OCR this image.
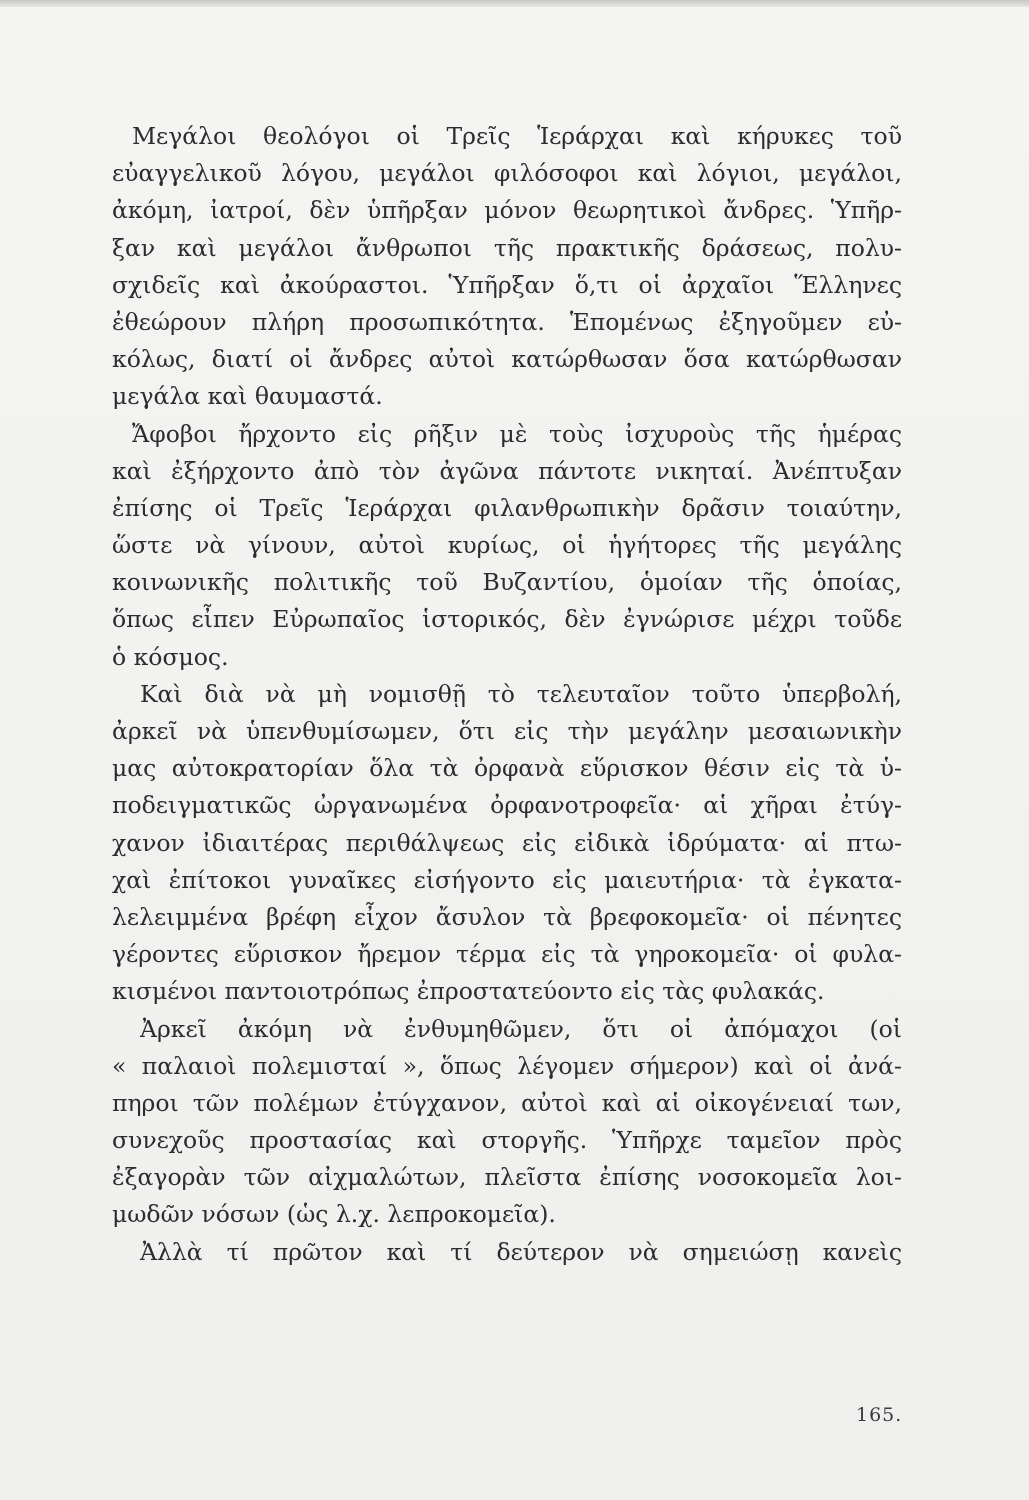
Μεγάλοι θεολόγοι οἱ Τρεῖς Ἱεράρχαι καὶ κήρυκες τοῦ
εὐαγγελικοῦ λόγου, μεγάλοι φιλόσοφοι καὶ λόγιοι, μεγάλοι,
ἀκόμη, ἰατροί, δὲν ὑπῆρξαν μόνον θεωρητικοὶ ἄνδρες. Ὑπῆρ-
ξαν καὶ μεγάλοι ἄνθρωποι τῆς πρακτικῆς δράσεως, πολυ-
σχιδεῖς καὶ ἀκούραστοι. Ὑπῆρξαν ὅ,τι οἱ ἀρχαῖοι Ἕλληνες
ἐθεώρουν πλήρη προσωπικότητα. Ἑπομένως ἐξηγοῦμεν εὐ-
κόλως, διατί οἱ ἄνδρες αὐτοὶ κατώρθωσαν ὅσα κατώρθωσαν
μεγάλα καὶ θαυμαστά.
Ἄφοβοι ἤρχοντο εἰς ρῆξιν μὲ τοὺς ἰσχυροὺς τῆς ἡμέρας
καὶ ἐξήρχοντο ἀπὸ τὸν ἀγῶνα πάντοτε νικηταί. Ἀνέπτυξαν
ἐπίσης οἱ Τρεῖς Ἱεράρχαι φιλανθρωπικὴν δρᾶσιν τοιαύτην,
ὥστε νὰ γίνουν, αὐτοὶ κυρίως, οἱ ἡγήτορες τῆς μεγάλης
κοινωνικῆς πολιτικῆς τοῦ Βυζαντίου, ὁμοίαν τῆς ὁποίας,
ὅπως εἶπεν Εὐρωπαῖος ἱστορικός, δὲν ἐγνώρισε μέχρι τοῦδε
ὁ κόσμος.
Καὶ διὰ νὰ μὴ νομισθῇ τὸ τελευταῖον τοῦτο ὑπερβολή,
ἀρκεῖ νὰ ὑπενθυμίσωμεν, ὅτι εἰς τὴν μεγάλην μεσαιωνικὴν
μας αὐτοκρατορίαν ὅλα τὰ ὀρφανὰ εὕρισκον θέσιν εἰς τὰ ὑ-
ποδειγματικῶς ὠργανωμένα ὀρφανοτροφεῖα· αἱ χῆραι ἐτύγ-
χανον ἰδιαιτέρας περιθάλψεως εἰς εἰδικὰ ἱδρύματα· αἱ πτω-
χαὶ ἐπίτοκοι γυναῖκες εἰσήγοντο εἰς μαιευτήρια· τὰ ἐγκατα-
λελειμμένα βρέφη εἶχον ἄσυλον τὰ βρεφοκομεῖα· οἱ πένητες
γέροντες εὕρισκον ἤρεμον τέρμα εἰς τὰ γηροκομεῖα· οἱ φυλα-
κισμένοι παντοιοτρόπως ἐπροστατεύοντο εἰς τὰς φυλακάς.
Ἀρκεῖ ἀκόμη νὰ ἐνθυμηθῶμεν, ὅτι οἱ ἀπόμαχοι (οἱ
« παλαιοὶ πολεμισταί », ὅπως λέγομεν σήμερον) καὶ οἱ ἀνά-
πηροι τῶν πολέμων ἐτύγχανον, αὐτοὶ καὶ αἱ οἰκογένειαί των,
συνεχοῦς προστασίας καὶ στοργῆς. Ὑπῆρχε ταμεῖον πρὸς
ἐξαγορὰν τῶν αἰχμαλώτων, πλεῖστα ἐπίσης νοσοκομεῖα λοι-
μωδῶν νόσων (ὡς λ.χ. λεπροκομεῖα).
Ἀλλὰ τί πρῶτον καὶ τί δεύτερον νὰ σημειώσῃ κανεὶς
165.
